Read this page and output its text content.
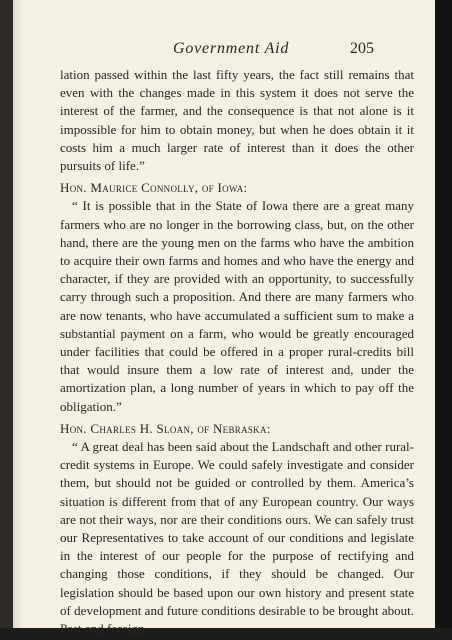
Government Aid	205

lation passed within the last fifty years, the fact still remains that even with the changes made in this system it does not serve the interest of the farmer, and the consequence is that not alone is it impossible for him to obtain money, but when he does obtain it it costs him a much larger rate of interest than it does the other pursuits of life.”

Hon. Maurice Connolly, of Iowa:

“ It is possible that in the State of Iowa there are a great many farmers who are no longer in the borrowing class, but, on the other hand, there are the young men on the farms who have the ambition to acquire their own farms and homes and who have the energy and character, if they are provided with an opportunity, to successfully carry through such a proposition. And there are many farmers who are now tenants, who have accumulated a sufficient sum to make a substantial payment on a farm, who would be greatly encouraged under facilities that could be offered in a proper rural-credits bill that would insure them a low rate of interest and, under the amortization plan, a long number of years in which to pay off the obligation.”

Hon. Charles H. Sloan, of Nebraska:

“ A great deal has been said about the Landschaft and other rural-credit systems in Europe. We could safely investigate and consider them, but should not be guided or controlled by them. America’s situation is different from that of any European country. Our ways are not their ways, nor are their conditions ours. We can safely trust our Representatives to take account of our conditions and legislate in the interest of our people for the purpose of rectifying and changing those conditions, if they should be changed. Our legislation should be based upon our own history and present state of development and future conditions desirable to be brought about. Past and foreign
